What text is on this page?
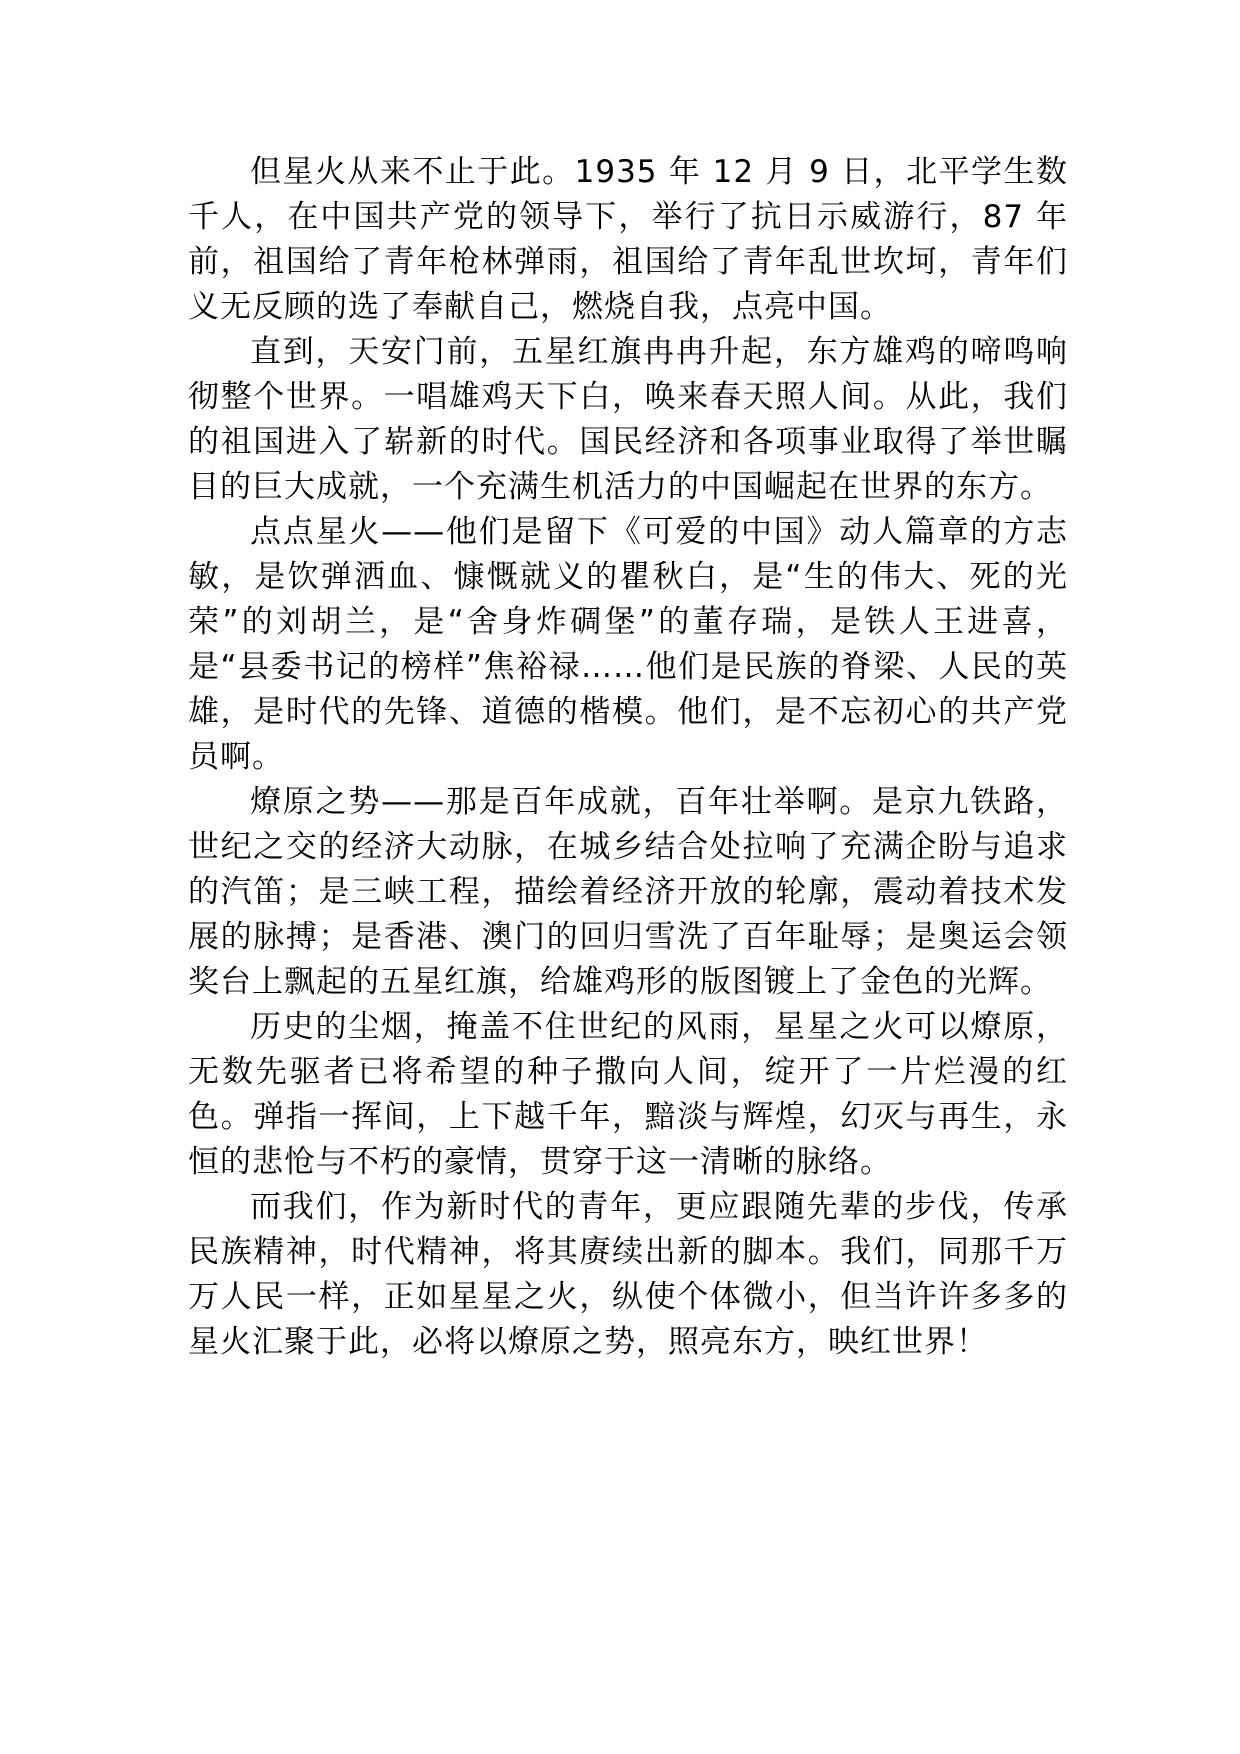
但星火从来不止于此。1935 年 12 月 9 日，北平学生数千人，在中国共产党的领导下，举行了抗日示威游行，87 年前，祖国给了青年枪林弹雨，祖国给了青年乱世坎坷，青年们义无反顾的选了奉献自己，燃烧自我，点亮中国。

直到，天安门前，五星红旗冉冉升起，东方雄鸡的啼鸣响彻整个世界。一唱雄鸡天下白，唤来春天照人间。从此，我们的祖国进入了崭新的时代。国民经济和各项事业取得了举世瞩目的巨大成就，一个充满生机活力的中国崛起在世界的东方。

点点星火——他们是留下《可爱的中国》动人篇章的方志敏，是饮弹洒血、慷慨就义的瞿秋白，是“生的伟大、死的光荣”的刘胡兰，是“舍身炸碉堡”的董存瑞，是铁人王进喜，是“县委书记的榜样”焦裕禄……他们是民族的脊梁、人民的英雄，是时代的先锋、道德的楷模。他们，是不忘初心的共产党员啊。

燎原之势——那是百年成就，百年壮举啊。是京九铁路，世纪之交的经济大动脉，在城乡结合处拉响了充满企盼与追求的汽笛；是三峡工程，描绘着经济开放的轮廓，震动着技术发展的脉搏；是香港、澳门的回归雪洗了百年耻辱；是奥运会领奖台上飘起的五星红旗，给雄鸡形的版图镀上了金色的光辉。

历史的尘烟，掩盖不住世纪的风雨，星星之火可以燎原，无数先驱者已将希望的种子撒向人间，绽开了一片烂漫的红色。弹指一挥间，上下越千年，黯淡与辉煌，幻灭与再生，永恒的悲怆与不朽的豪情，贯穿于这一清晰的脉络。

而我们，作为新时代的青年，更应跟随先辈的步伐，传承民族精神，时代精神，将其赓续出新的脚本。我们，同那千万万人民一样，正如星星之火，纵使个体微小，但当许许多多的星火汇聚于此，必将以燎原之势，照亮东方，映红世界！
